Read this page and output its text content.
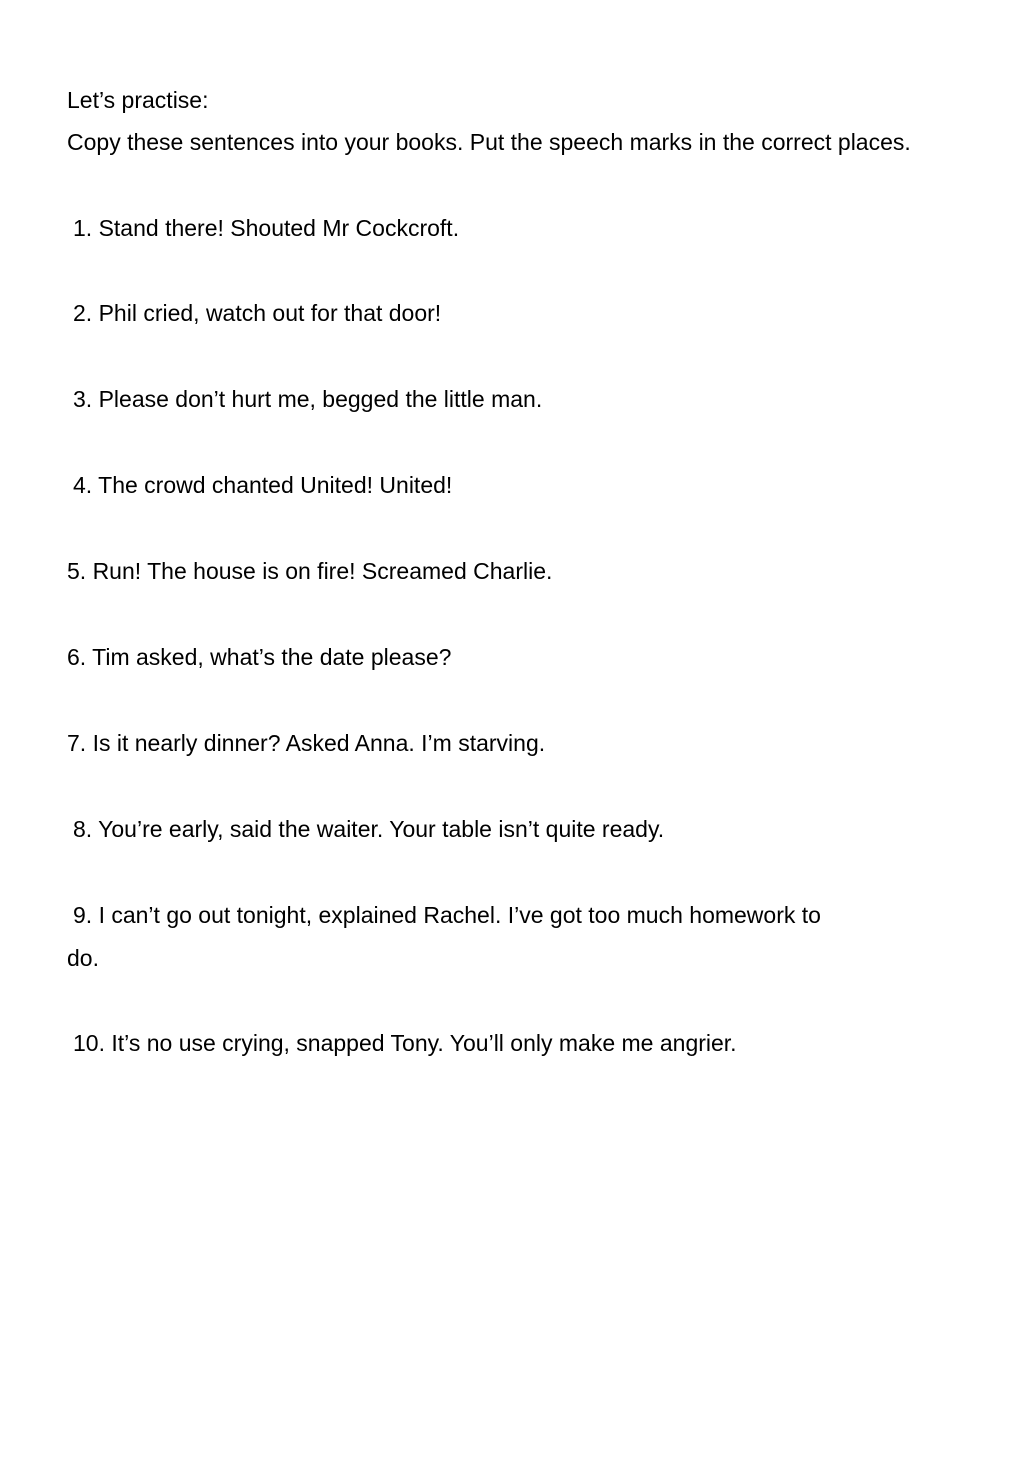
Let’s practise:
Copy these sentences into your books. Put the speech marks in the correct places.
1. Stand there! Shouted Mr Cockcroft.
2. Phil cried, watch out for that door!
3. Please don’t hurt me, begged the little man.
4. The crowd chanted United! United!
5. Run! The house is on fire! Screamed Charlie.
6. Tim asked, what’s the date please?
7. Is it nearly dinner? Asked Anna. I’m starving.
8. You’re early, said the waiter. Your table isn’t quite ready.
9. I can’t go out tonight, explained Rachel. I’ve got too much homework to
do.
10. It’s no use crying, snapped Tony. You’ll only make me angrier.
